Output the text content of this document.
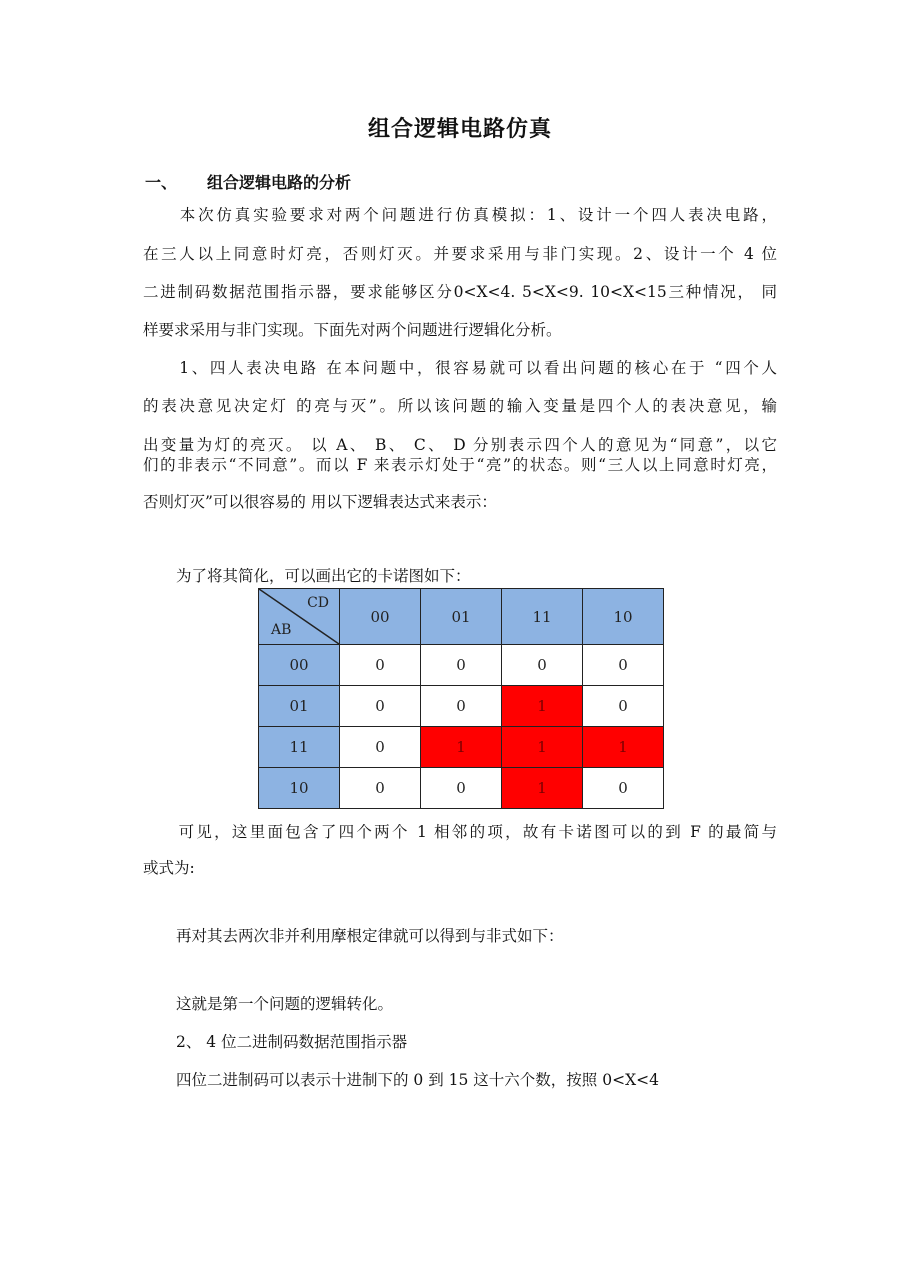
组合逻辑电路仿真
一、 组合逻辑电路的分析
　　本次仿真实验要求对两个问题进行仿真模拟：1、设计一个四人表决电路，
在三人以上同意时灯亮，否则灯灭。并要求采用与非门实现。2、设计一个 4 位
二进制码数据范围指示器，要求能够区分0<X<4. 5<X<9. 10<X<15三种情况， 同
样要求采用与非门实现。下面先对两个问题进行逻辑化分析。
　　1、四人表决电路 在本问题中，很容易就可以看出问题的核心在于 “四个人
的表决意见决定灯 的亮与灭”。所以该问题的输入变量是四个人的表决意见，输
出变量为灯的亮灭。 以 A、 B、 C、 D 分别表示四个人的意见为“同意”，以它
们的非表示“不同意”。而以 F 来表示灯处于“亮”的状态。则“三人以上同意时灯亮，
否则灯灭”可以很容易的 用以下逻辑表达式来表示：
为了将其简化，可以画出它的卡诺图如下：
CD
AB	00	01	11	10
00	0	0	0	0
01	0	0	1	0
11	0	1	1	1
10	0	0	1	0
　　可见，这里面包含了四个两个 1 相邻的项，故有卡诺图可以的到 F 的最简与
或式为:
再对其去两次非并利用摩根定律就可以得到与非式如下：
这就是第一个问题的逻辑转化。
2、 4 位二进制码数据范围指示器
四位二进制码可以表示十进制下的 0 到 15 这十六个数，按照 0<X<4
